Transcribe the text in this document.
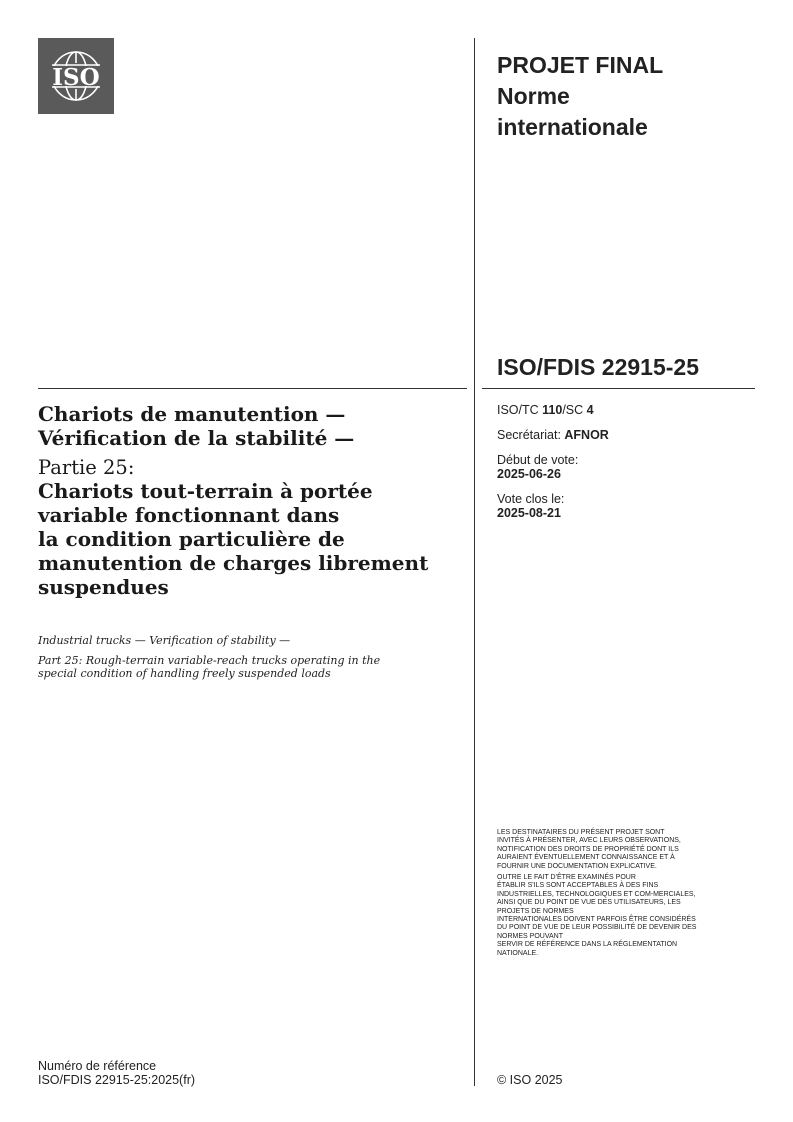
ISO	PROJET FINAL
Norme
internationale
ISO/FDIS 22915-25
ISO/TC 110/SC 4
Secrétariat: AFNOR
Début de vote:
2025-06-26
Vote clos le:
2025-08-21
Chariots de manutention —
Vérification de la stabilité —
Partie 25:
Chariots tout-terrain à portée
variable fonctionnant dans
la condition particulière de
manutention de charges librement
suspendues

Industrial trucks — Verification of stability —

Part 25: Rough-terrain variable-reach trucks operating in the
special condition of handling freely suspended loads

LES DESTINATAIRES DU PRÉSENT PROJET SONT
INVITÉS À PRÉSENTER, AVEC LEURS OBSERVATIONS,
NOTIFICATION DES DROITS DE PROPRIÉTÉ DONT ILS
AURAIENT ÉVENTUELLEMENT CONNAISSANCE ET À
FOURNIR UNE DOCUMENTATION EXPLICATIVE.

OUTRE LE FAIT D'ÊTRE EXAMINÉS POUR
ÉTABLIR S'ILS SONT ACCEPTABLES À DES FINS
INDUSTRIELLES, TECHNOLOGIQUES ET COM-MERCIALES,
AINSI QUE DU POINT DE VUE DES UTILISATEURS, LES
PROJETS DE NORMES
INTERNATIONALES DOIVENT PARFOIS ÊTRE CONSIDÉRÉS
DU POINT DE VUE DE LEUR POSSIBILITÉ DE DEVENIR DES
NORMES POUVANT
SERVIR DE RÉFÉRENCE DANS LA RÉGLEMENTATION
NATIONALE.

Numéro de référence
ISO/FDIS 22915-25:2025(fr)	© ISO 2025
